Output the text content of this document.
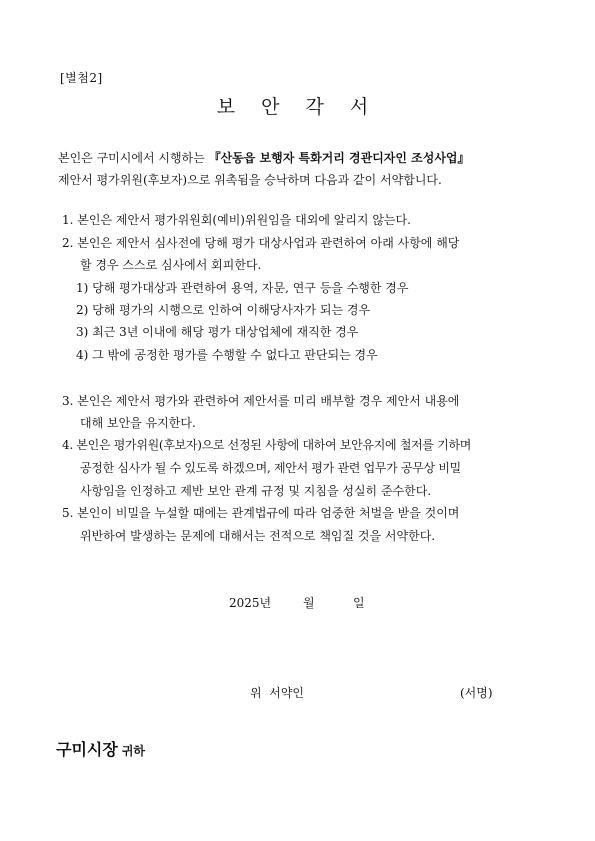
[별첨2]
보 안 각 서
본인은 구미시에서 시행하는 『산동읍 보행자 특화거리 경관디자인 조성사업』
제안서 평가위원(후보자)으로 위촉됨을 승낙하며 다음과 같이 서약합니다.
1. 본인은 제안서 평가위원회(예비)위원임을 대외에 알리지 않는다.
2. 본인은 제안서 심사전에 당해 평가 대상사업과 관련하여 아래 사항에 해당
할 경우 스스로 심사에서 회피한다.
1) 당해 평가대상과 관련하여 용역, 자문, 연구 등을 수행한 경우
2) 당해 평가의 시행으로 인하여 이해당사자가 되는 경우
3) 최근 3년 이내에 해당 평가 대상업체에 재직한 경우
4) 그 밖에 공정한 평가를 수행할 수 없다고 판단되는 경우
3. 본인은 제안서 평가와 관련하여 제안서를 미리 배부할 경우 제안서 내용에
대해 보안을 유지한다.
4. 본인은 평가위원(후보자)으로 선정된 사항에 대하여 보안유지에 철저를 기하며
공정한 심사가 될 수 있도록 하겠으며, 제안서 평가 관련 업무가 공무상 비밀
사항임을 인정하고 제반 보안 관계 규정 및 지침을 성실히 준수한다.
5. 본인이 비밀을 누설할 때에는 관계법규에 따라 엄중한 처벌을 받을 것이며
위반하여 발생하는 문제에 대해서는 전적으로 책임질 것을 서약한다.
2025년	월	일
위  서약인	(서명)
구미시장 귀하
